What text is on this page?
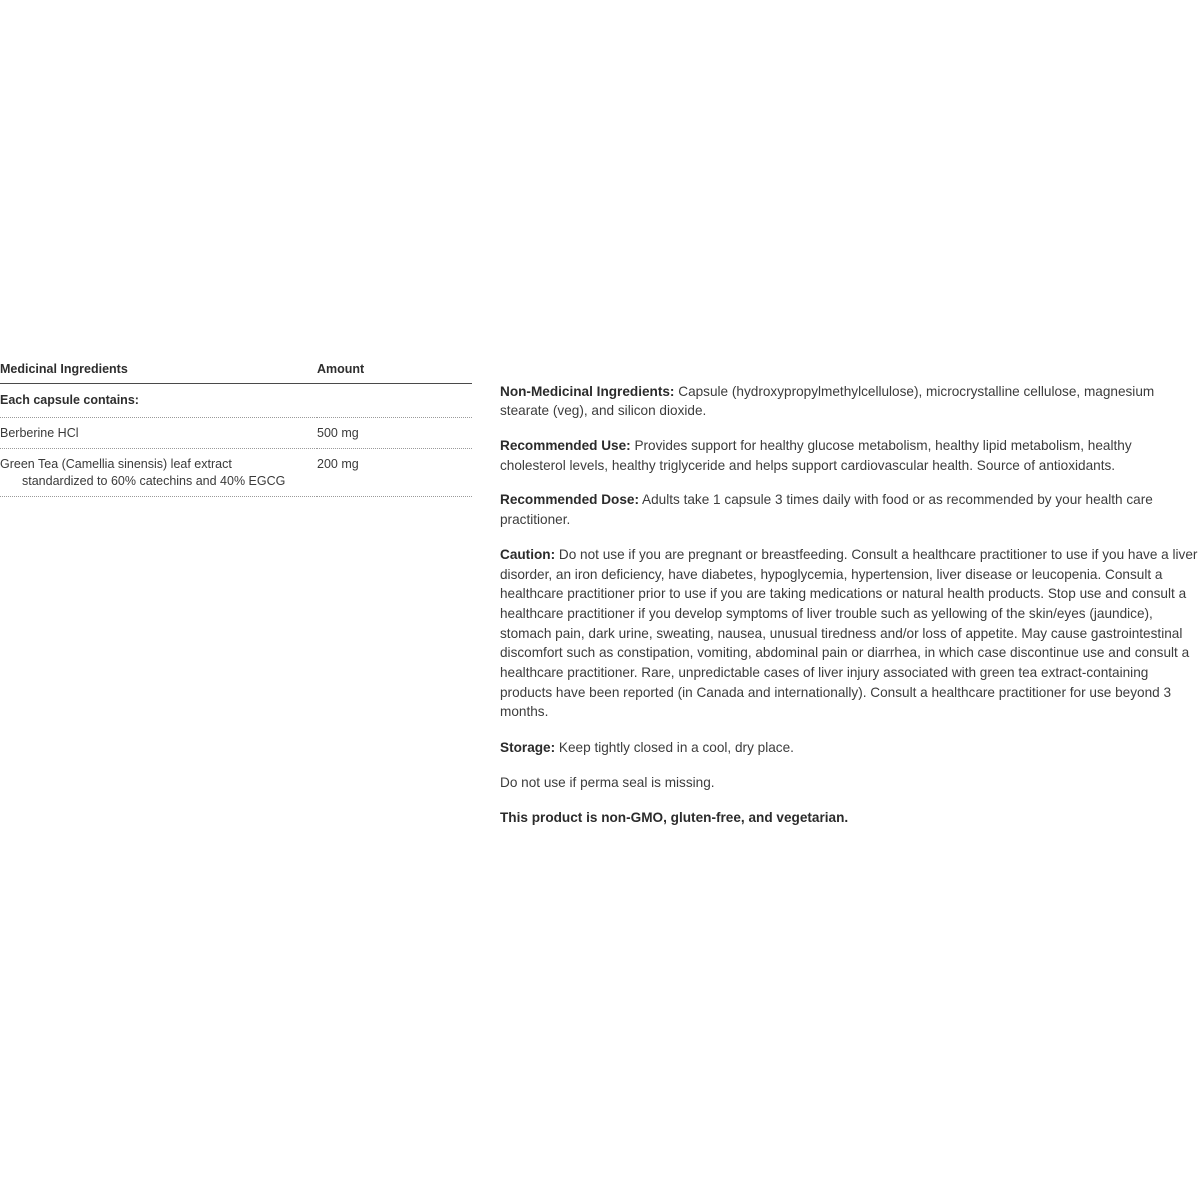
Medicinal Ingredients	Amount
Each capsule contains:	
Berberine HCl	500 mg
Green Tea (Camellia sinensis) leaf extract
standardized to 60% catechins and 40% EGCG	200 mg

Non-Medicinal Ingredients: Capsule (hydroxypropylmethylcellulose), microcrystalline cellulose, magnesium stearate (veg), and silicon dioxide.

Recommended Use: Provides support for healthy glucose metabolism, healthy lipid metabolism, healthy cholesterol levels, healthy triglyceride and helps support cardiovascular health. Source of antioxidants.

Recommended Dose: Adults take 1 capsule 3 times daily with food or as recommended by your health care practitioner.

Caution: Do not use if you are pregnant or breastfeeding. Consult a healthcare practitioner to use if you have a liver disorder, an iron deficiency, have diabetes, hypoglycemia, hypertension, liver disease or leucopenia. Consult a healthcare practitioner prior to use if you are taking medications or natural health products. Stop use and consult a healthcare practitioner if you develop symptoms of liver trouble such as yellowing of the skin/eyes (jaundice), stomach pain, dark urine, sweating, nausea, unusual tiredness and/or loss of appetite. May cause gastrointestinal discomfort such as constipation, vomiting, abdominal pain or diarrhea, in which case discontinue use and consult a healthcare practitioner. Rare, unpredictable cases of liver injury associated with green tea extract-containing products have been reported (in Canada and internationally). Consult a healthcare practitioner for use beyond 3 months.

Storage: Keep tightly closed in a cool, dry place.

Do not use if perma seal is missing.

This product is non-GMO, gluten-free, and vegetarian.
